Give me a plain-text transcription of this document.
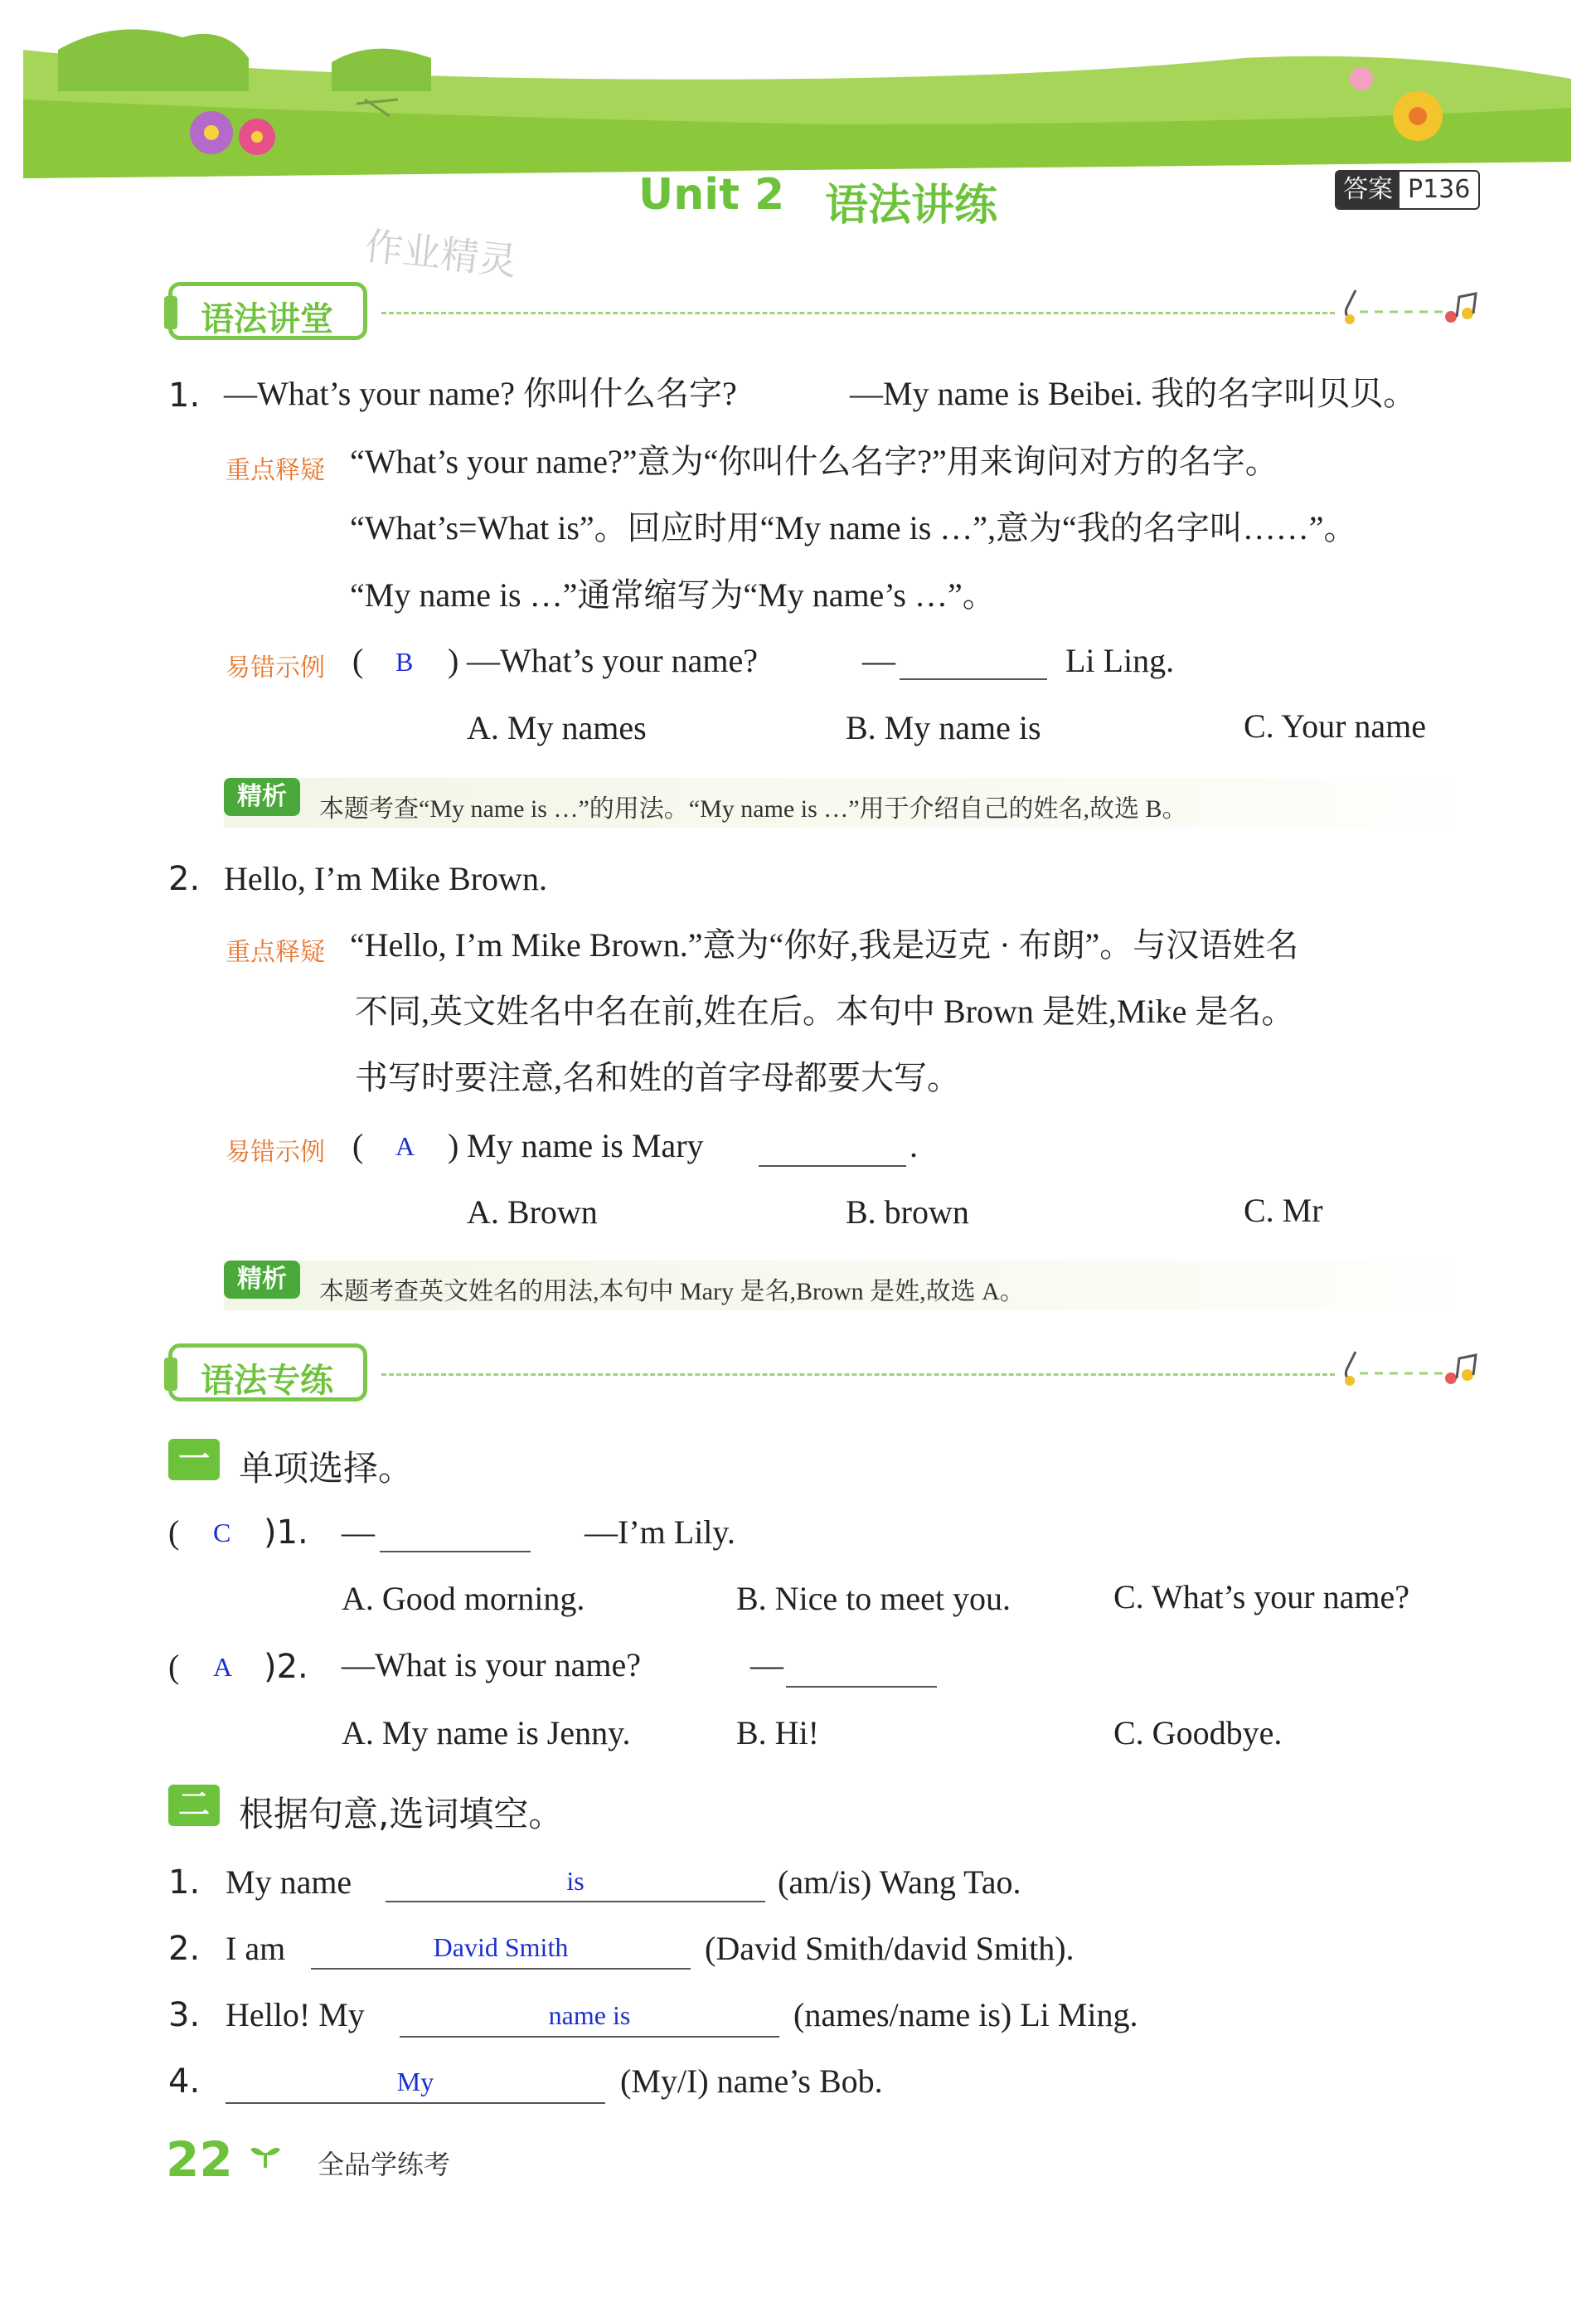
Unit 2 语法讲练	答案 P136
作业精灵
语法讲堂
1. —What’s your name? 你叫什么名字?	—My name is Beibei. 我的名字叫贝贝。
重点释疑 “What’s your name?”意为“你叫什么名字?”用来询问对方的名字。
“What’s=What is”。回应时用“My name is …”,意为“我的名字叫……”。
“My name is …”通常缩写为“My name’s …”。
易错示例 ( B ) —What’s your name?	—	Li Ling.
A. My names	B. My name is	C. Your name
精析	本题考查“My name is …”的用法。“My name is …”用于介绍自己的姓名,故选 B。
2. Hello, I’m Mike Brown.
重点释疑 “Hello, I’m Mike Brown.”意为“你好,我是迈克 · 布朗”。与汉语姓名
不同,英文姓名中名在前,姓在后。本句中 Brown 是姓,Mike 是名。
书写时要注意,名和姓的首字母都要大写。
易错示例 ( A ) My name is Mary	.
A. Brown	B. brown	C. Mr
精析	本题考查英文姓名的用法,本句中 Mary 是名,Brown 是姓,故选 A。
语法专练
一 单项选择。
( C )1. —	—I’m Lily.
A. Good morning.	B. Nice to meet you.	C. What’s your name?
( A )2. —What is your name?	—
A. My name is Jenny.	B. Hi!	C. Goodbye.
二 根据句意,选词填空。
1. My name	is	(am/is) Wang Tao.
2. I am	David Smith	(David Smith/david Smith).
3. Hello! My	name is	(names/name is) Li Ming.
4.	My	(My/I) name’s Bob.
22	全品学练考
